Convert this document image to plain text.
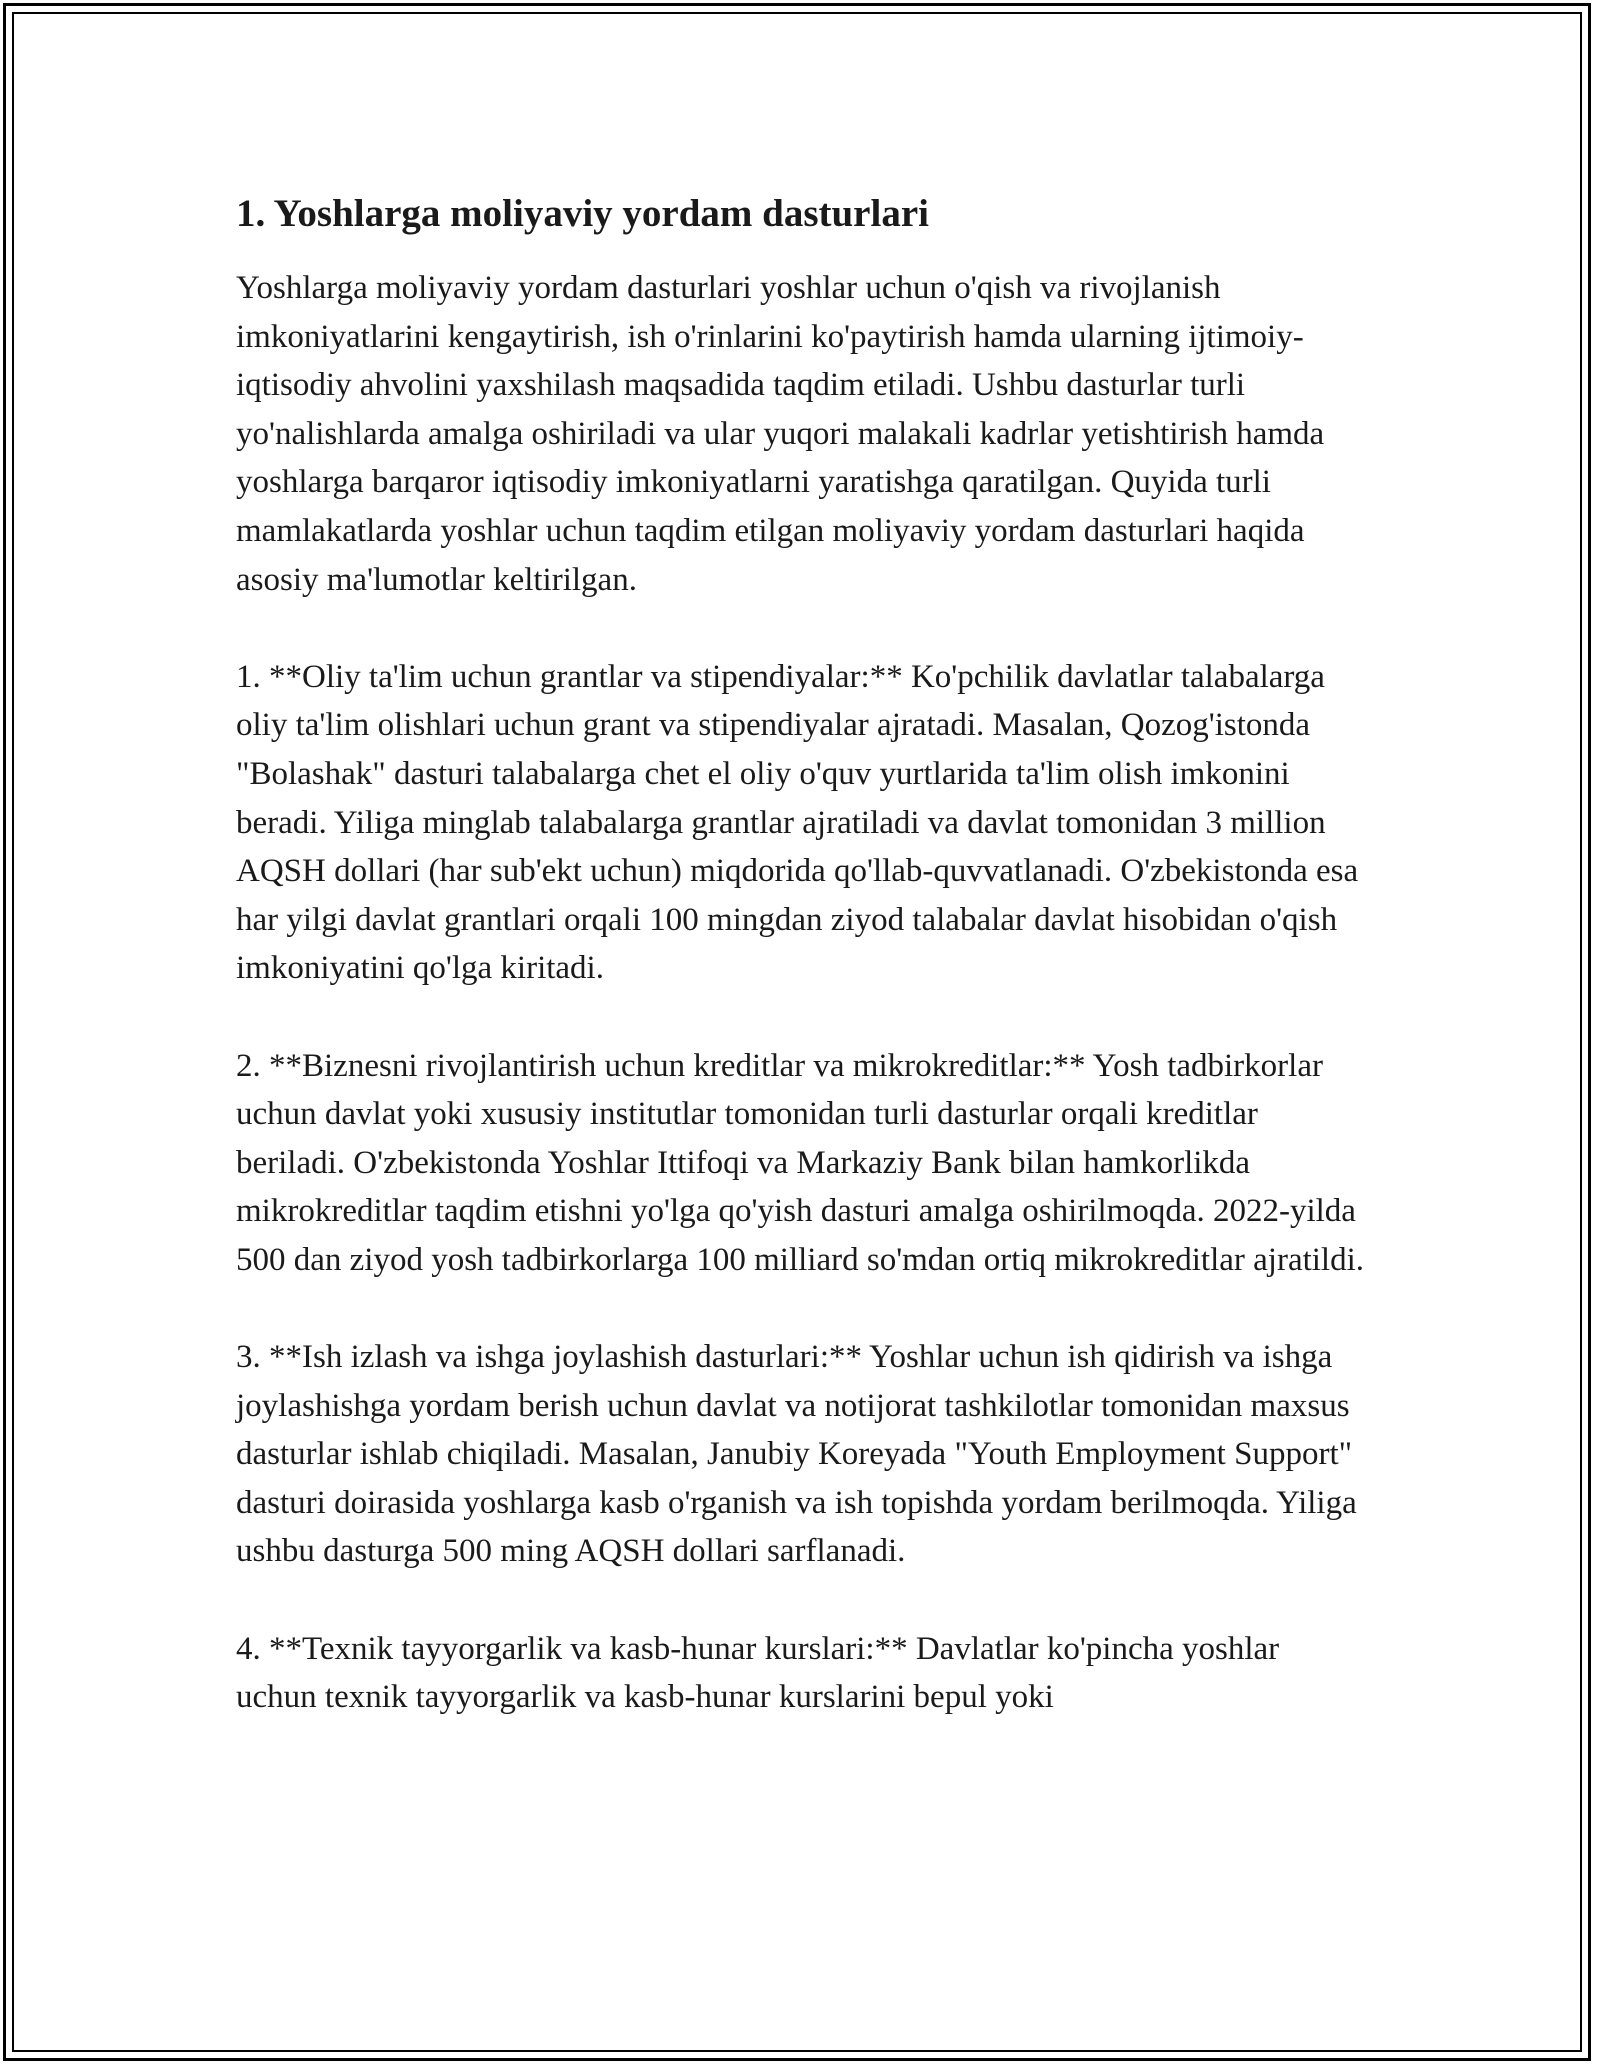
1. Yoshlarga moliyaviy yordam dasturlari

Yoshlarga moliyaviy yordam dasturlari yoshlar uchun o'qish va rivojlanish imkoniyatlarini kengaytirish, ish o'rinlarini ko'paytirish hamda ularning ijtimoiy-iqtisodiy ahvolini yaxshilash maqsadida taqdim etiladi. Ushbu dasturlar turli yo'nalishlarda amalga oshiriladi va ular yuqori malakali kadrlar yetishtirish hamda yoshlarga barqaror iqtisodiy imkoniyatlarni yaratishga qaratilgan. Quyida turli mamlakatlarda yoshlar uchun taqdim etilgan moliyaviy yordam dasturlari haqida asosiy ma'lumotlar keltirilgan.

1. **Oliy ta'lim uchun grantlar va stipendiyalar:** Ko'pchilik davlatlar talabalarga oliy ta'lim olishlari uchun grant va stipendiyalar ajratadi. Masalan, Qozog'istonda "Bolashak" dasturi talabalarga chet el oliy o'quv yurtlarida ta'lim olish imkonini beradi. Yiliga minglab talabalarga grantlar ajratiladi va davlat tomonidan 3 million AQSH dollari (har sub'ekt uchun) miqdorida qo'llab-quvvatlanadi. O'zbekistonda esa har yilgi davlat grantlari orqali 100 mingdan ziyod talabalar davlat hisobidan o'qish imkoniyatini qo'lga kiritadi.

2. **Biznesni rivojlantirish uchun kreditlar va mikrokreditlar:** Yosh tadbirkorlar uchun davlat yoki xususiy institutlar tomonidan turli dasturlar orqali kreditlar beriladi. O'zbekistonda Yoshlar Ittifoqi va Markaziy Bank bilan hamkorlikda mikrokreditlar taqdim etishni yo'lga qo'yish dasturi amalga oshirilmoqda. 2022-yilda 500 dan ziyod yosh tadbirkorlarga 100 milliard so'mdan ortiq mikrokreditlar ajratildi.

3. **Ish izlash va ishga joylashish dasturlari:** Yoshlar uchun ish qidirish va ishga joylashishga yordam berish uchun davlat va notijorat tashkilotlar tomonidan maxsus dasturlar ishlab chiqiladi. Masalan, Janubiy Koreyada "Youth Employment Support" dasturi doirasida yoshlarga kasb o'rganish va ish topishda yordam berilmoqda. Yiliga ushbu dasturga 500 ming AQSH dollari sarflanadi.

4. **Texnik tayyorgarlik va kasb-hunar kurslari:** Davlatlar ko'pincha yoshlar uchun texnik tayyorgarlik va kasb-hunar kurslarini bepul yoki
